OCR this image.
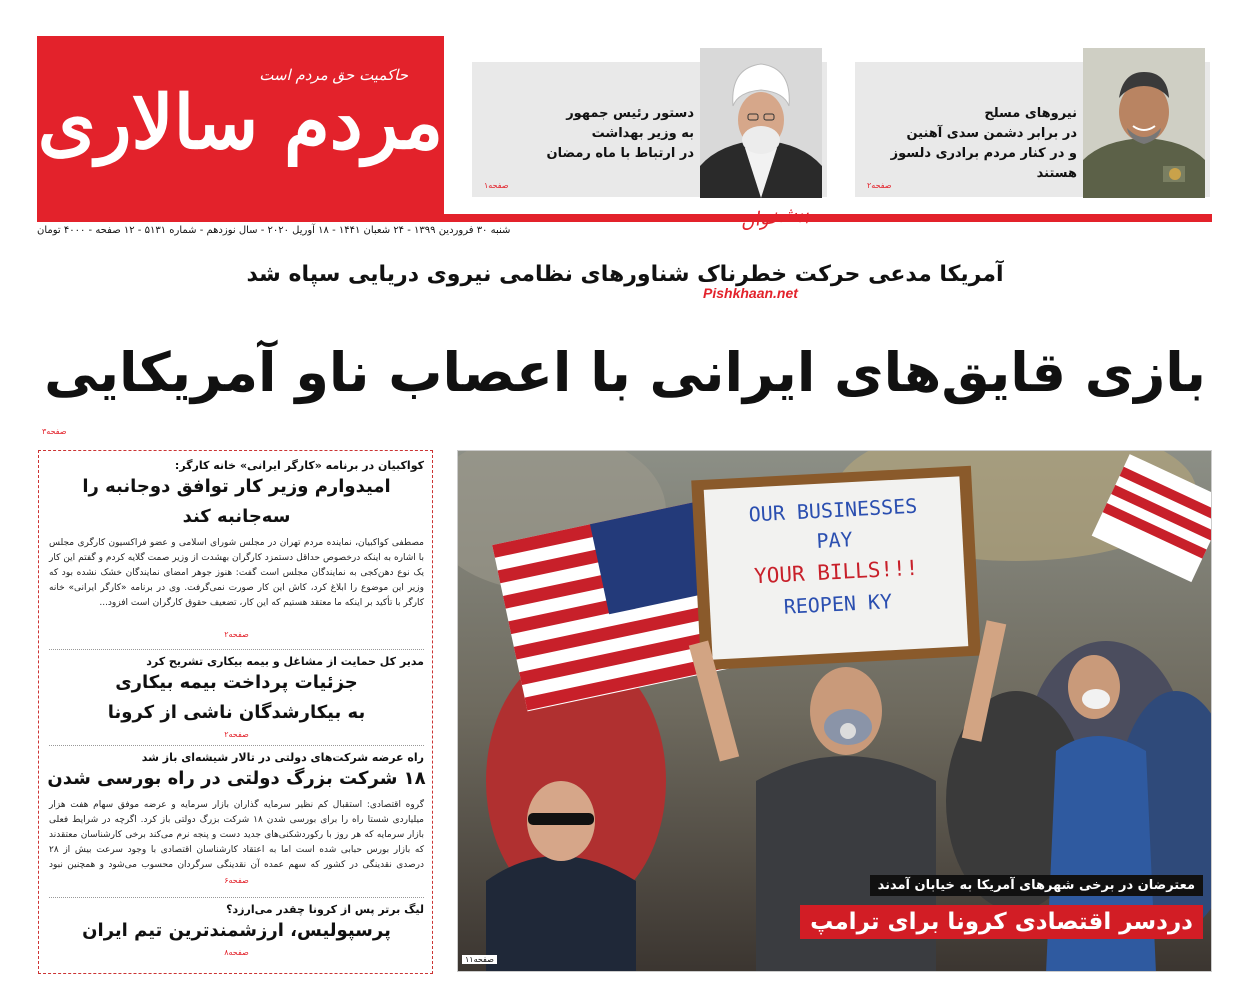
حاکمیت حق مردم است
مردم سالاری	دستور رئیس جمهور
به وزیر بهداشت
در ارتباط با ماه رمضان
صفحه۱
نیروهای مسلح
در برابر دشمن سدی آهنین
و در کنار مردم برادری دلسوز هستند
صفحه۲
شنبه ۳۰ فروردین ۱۳۹۹ - ۲۴ شعبان ۱۴۴۱ - ۱۸ آوریل ۲۰۲۰ - سال نوزدهم - شماره ۵۱۳۱ - ۱۲ صفحه - ۴۰۰۰ تومان	پیشخوان
Pishkhaan.net
آمریکا مدعی حرکت خطرناک شناورهای نظامی نیروی دریایی سپاه شد
بازی قایق‌های ایرانی با اعصاب ناو آمریکایی
صفحه۳
کواکبیان در برنامه «کارگر ایرانی» خانه کارگر:
امیدوارم وزیر کار توافق دوجانبه را
سه‌جانبه کند
مصطفی کواکبیان، نماینده مردم تهران در مجلس شورای اسلامی و عضو فراکسیون کارگری مجلس با اشاره به اینکه درخصوص حداقل دستمزد کارگران بهشدت از وزیر صمت گلایه کردم و گفتم این کار یک نوع دهن‌کجی به نمایندگان مجلس است گفت: هنوز جوهر امضای نمایندگان خشک نشده بود که وزیر این موضوع را ابلاغ کرد، کاش این کار صورت نمی‌گرفت. وی در برنامه «کارگر ایرانی» خانه کارگر با تأکید بر اینکه ما معتقد هستیم که این کار، تضعیف حقوق کارگران است افزود...
صفحه۲
مدیر کل حمایت از مشاغل و بیمه بیکاری تشریح کرد
جزئیات پرداخت بیمه بیکاری
به بیکارشدگان ناشی از کرونا
صفحه۲
راه عرضه شرکت‌های دولتی در تالار شیشه‌ای باز شد
۱۸ شرکت بزرگ دولتی در راه بورسی شدن
گروه اقتصادی: استقبال کم نظیر سرمایه گذاران بازار سرمایه و عرضه موفق سهام هفت هزار میلیاردی شستا راه را برای بورسی شدن ۱۸ شرکت بزرگ دولتی باز کرد. اگرچه در شرایط فعلی بازار سرمایه که هر روز با رکوردشکنی‌های جدید دست و پنجه نرم می‌کند برخی کارشناسان معتقدند که بازار بورس حبابی شده است اما به اعتقاد کارشناسان اقتصادی با وجود سرعت بیش از ۲۸ درصدی نقدینگی در کشور که سهم عمده آن نقدینگی سرگردان محسوب می‌شود و همچنین نبود
صفحه۶
لیگ برتر پس از کرونا چقدر می‌ارزد؟
پرسپولیس، ارزشمندترین تیم ایران
صفحه۸
OUR BUSINESSES
PAY
YOUR BILLS!!!
REOPEN KY
معترضان در برخی شهرهای آمریکا به خیابان آمدند
دردسر اقتصادی کرونا برای ترامپ
صفحه۱۱
